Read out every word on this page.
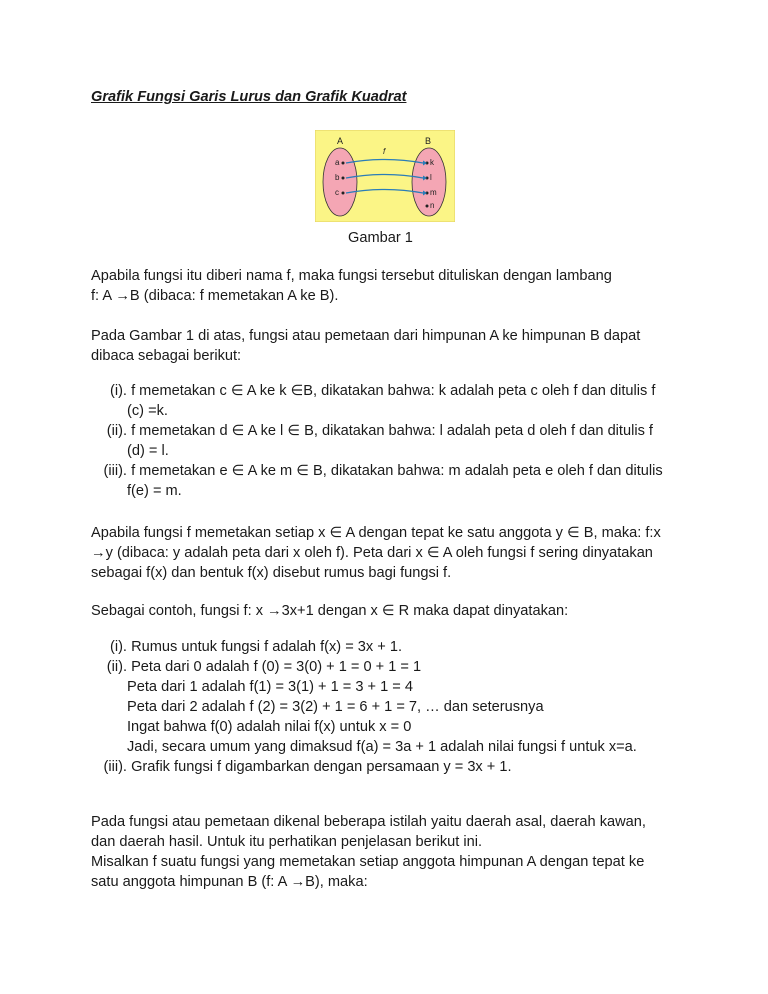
Grafik Fungsi Garis Lurus dan Grafik Kuadrat
A	B
f
a
b
c
k
l
m
n
Gambar 1
Apabila fungsi itu diberi nama f, maka fungsi tersebut dituliskan dengan lambang
f: A →B (dibaca: f memetakan A ke B).
Pada Gambar 1 di atas, fungsi atau pemetaan dari himpunan A ke himpunan B dapat
dibaca sebagai berikut:
(i). f memetakan c ∈ A ke k ∈B, dikatakan bahwa: k adalah peta c oleh f dan ditulis f
(c) =k.
(ii). f memetakan d ∈ A ke l ∈ B, dikatakan bahwa: l adalah peta d oleh f dan ditulis f
(d) = l.
(iii). f memetakan e ∈ A ke m ∈ B, dikatakan bahwa: m adalah peta e oleh f dan ditulis
f(e) = m.
Apabila fungsi f memetakan setiap x ∈ A dengan tepat ke satu anggota y ∈ B, maka: f:x
→y (dibaca: y adalah peta dari x oleh f). Peta dari x ∈ A oleh fungsi f sering dinyatakan
sebagai f(x) dan bentuk f(x) disebut rumus bagi fungsi f.
Sebagai contoh, fungsi f: x →3x+1 dengan x ∈ R maka dapat dinyatakan:
(i). Rumus untuk fungsi f adalah f(x) = 3x + 1.
(ii). Peta dari 0 adalah f (0) = 3(0) + 1 = 0 + 1 = 1
Peta dari 1 adalah f(1) = 3(1) + 1 = 3 + 1 = 4
Peta dari 2 adalah f (2) = 3(2) + 1 = 6 + 1 = 7, … dan seterusnya
Ingat bahwa f(0) adalah nilai f(x) untuk x = 0
Jadi, secara umum yang dimaksud f(a) = 3a + 1 adalah nilai fungsi f untuk x=a.
(iii). Grafik fungsi f digambarkan dengan persamaan y = 3x + 1.
Pada fungsi atau pemetaan dikenal beberapa istilah yaitu daerah asal, daerah kawan,
dan daerah hasil. Untuk itu perhatikan penjelasan berikut ini.
Misalkan f suatu fungsi yang memetakan setiap anggota himpunan A dengan tepat ke
satu anggota himpunan B (f: A →B), maka:
